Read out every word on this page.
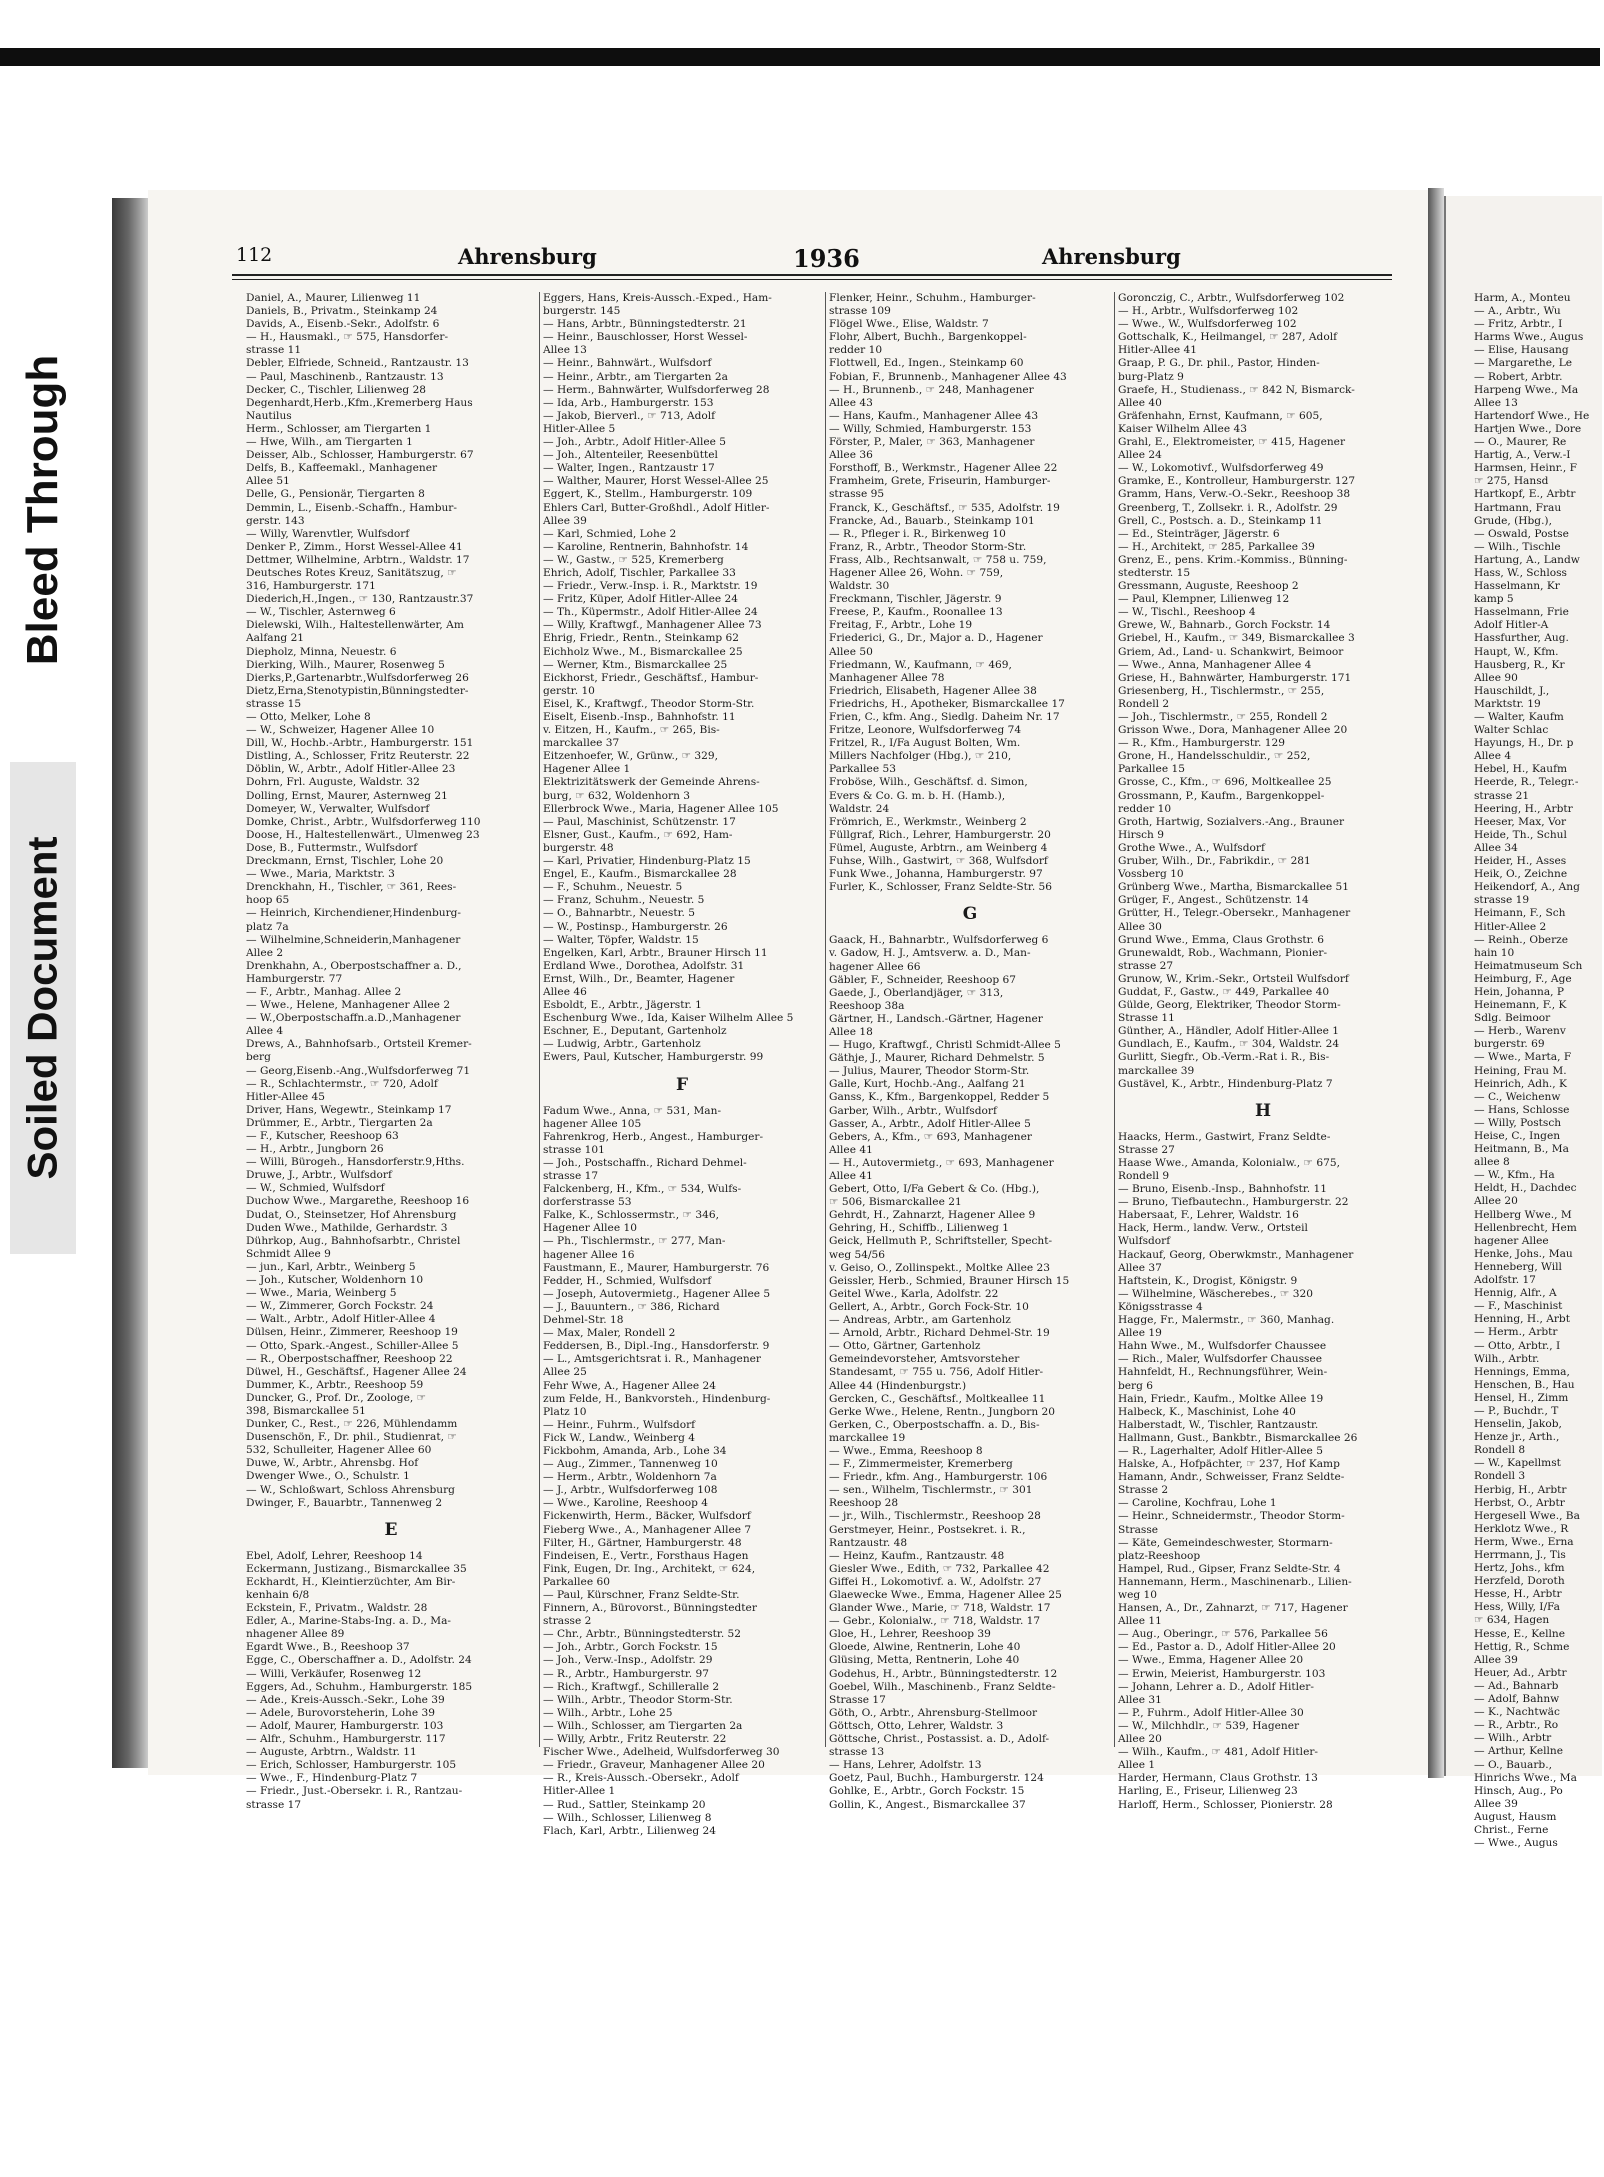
Bleed Through
Soiled Document
112	Ahrensburg	1936	Ahrensburg
Daniel, A., Maurer, Lilienweg 11
Daniels, B., Privatm., Steinkamp 24
Davids, A., Eisenb.-Sekr., Adolfstr. 6
— H., Hausmakl., ☞ 575, Hansdorfer-
strasse 11
Debler, Elfriede, Schneid., Rantzaustr. 13
— Paul, Maschinenb., Rantzaustr. 13
Decker, C., Tischler, Lilienweg 28
Degenhardt,Herb.,Kfm.,Kremerberg Haus
Nautilus
Herm., Schlosser, am Tiergarten 1
— Hwe, Wilh., am Tiergarten 1
Deisser, Alb., Schlosser, Hamburgerstr. 67
Delfs, B., Kaffeemakl., Manhagener
Allee 51
Delle, G., Pensionär, Tiergarten 8
Demmin, L., Eisenb.-Schaffn., Hambur-
gerstr. 143
— Willy, Warenvtler, Wulfsdorf
Denker P., Zimm., Horst Wessel-Allee 41
Dettmer, Wilhelmine, Arbtrn., Waldstr. 17
Deutsches Rotes Kreuz, Sanitätszug, ☞
316, Hamburgerstr. 171
Diederich,H.,Ingen., ☞ 130, Rantzaustr.37
— W., Tischler, Asternweg 6
Dielewski, Wilh., Haltestellenwärter, Am
Aalfang 21
Diepholz, Minna, Neuestr. 6
Dierking, Wilh., Maurer, Rosenweg 5
Dierks,P.,Gartenarbtr.,Wulfsdorferweg 26
Dietz,Erna,Stenotypistin,Bünningstedter-
strasse 15
— Otto, Melker, Lohe 8
— W., Schweizer, Hagener Allee 10
Dill, W., Hochb.-Arbtr., Hamburgerstr. 151
Distling, A., Schlosser, Fritz Reuterstr. 22
Döblin, W., Arbtr., Adolf Hitler-Allee 23
Dohrn, Frl. Auguste, Waldstr. 32
Dolling, Ernst, Maurer, Asternweg 21
Domeyer, W., Verwalter, Wulfsdorf
Domke, Christ., Arbtr., Wulfsdorferweg 110
Doose, H., Haltestellenwärt., Ulmenweg 23
Dose, B., Futtermstr., Wulfsdorf
Dreckmann, Ernst, Tischler, Lohe 20
— Wwe., Maria, Marktstr. 3
Drenckhahn, H., Tischler, ☞ 361, Rees-
hoop 65
— Heinrich, Kirchendiener,Hindenburg-
platz 7a
— Wilhelmine,Schneiderin,Manhagener
Allee 2
Drenkhahn, A., Oberpostschaffner a. D.,
Hamburgerstr. 77
— F., Arbtr., Manhag. Allee 2
— Wwe., Helene, Manhagener Allee 2
— W.,Oberpostschaffn.a.D.,Manhagener
Allee 4
Drews, A., Bahnhofsarb., Ortsteil Kremer-
berg
— Georg,Eisenb.-Ang.,Wulfsdorferweg 71
— R., Schlachtermstr., ☞ 720, Adolf
Hitler-Allee 45
Driver, Hans, Wegewtr., Steinkamp 17
Drümmer, E., Arbtr., Tiergarten 2a
— F., Kutscher, Reeshoop 63
— H., Arbtr., Jungborn 26
— Willi, Bürogeh., Hansdorferstr.9,Hths.
Druwe, J., Arbtr., Wulfsdorf
— W., Schmied, Wulfsdorf
Duchow Wwe., Margarethe, Reeshoop 16
Dudat, O., Steinsetzer, Hof Ahrensburg
Duden Wwe., Mathilde, Gerhardstr. 3
Dührkop, Aug., Bahnhofsarbtr., Christel
Schmidt Allee 9
— jun., Karl, Arbtr., Weinberg 5
— Joh., Kutscher, Woldenhorn 10
— Wwe., Maria, Weinberg 5
— W., Zimmerer, Gorch Fockstr. 24
— Walt., Arbtr., Adolf Hitler-Allee 4
Dülsen, Heinr., Zimmerer, Reeshoop 19
— Otto, Spark.-Angest., Schiller-Allee 5
— R., Oberpostschaffner, Reeshoop 22
Düwel, H., Geschäftsf., Hagener Allee 24
Dummer, K., Arbtr., Reeshoop 59
Duncker, G., Prof. Dr., Zoologe, ☞
398, Bismarckallee 51
Dunker, C., Rest., ☞ 226, Mühlendamm
Dusenschön, F., Dr. phil., Studienrat, ☞
532, Schulleiter, Hagener Allee 60
Duwe, W., Arbtr., Ahrensbg. Hof
Dwenger Wwe., O., Schulstr. 1
— W., Schloßwart, Schloss Ahrensburg
Dwinger, F., Bauarbtr., Tannenweg 2
E
Ebel, Adolf, Lehrer, Reeshoop 14
Eckermann, Justizang., Bismarckallee 35
Eckhardt, H., Kleintierzüchter, Am Bir-
kenhain 6/8
Eckstein, F., Privatm., Waldstr. 28
Edler, A., Marine-Stabs-Ing. a. D., Ma-
nhagener Allee 89
Egardt Wwe., B., Reeshoop 37
Egge, C., Oberschaffner a. D., Adolfstr. 24
— Willi, Verkäufer, Rosenweg 12
Eggers, Ad., Schuhm., Hamburgerstr. 185
— Ade., Kreis-Aussch.-Sekr., Lohe 39
— Adele, Burovorsteherin, Lohe 39
— Adolf, Maurer, Hamburgerstr. 103
— Alfr., Schuhm., Hamburgerstr. 117
— Auguste, Arbtrn., Waldstr. 11
— Erich, Schlosser, Hamburgerstr. 105
— Wwe., F., Hindenburg-Platz 7
— Friedr., Just.-Obersekr. i. R., Rantzau-
strasse 17
Eggers, Hans, Kreis-Aussch.-Exped., Ham-
burgerstr. 145
— Hans, Arbtr., Bünningstedterstr. 21
— Heinr., Bauschlosser, Horst Wessel-
Allee 13
— Heinr., Bahnwärt., Wulfsdorf
— Heinr., Arbtr., am Tiergarten 2a
— Herm., Bahnwärter, Wulfsdorferweg 28
— Ida, Arb., Hamburgerstr. 153
— Jakob, Bierverl., ☞ 713, Adolf
Hitler-Allee 5
— Joh., Arbtr., Adolf Hitler-Allee 5
— Joh., Altenteiler, Reesenbüttel
— Walter, Ingen., Rantzaustr 17
— Walther, Maurer, Horst Wessel-Allee 25
Eggert, K., Stellm., Hamburgerstr. 109
Ehlers Carl, Butter-Großhdl., Adolf Hitler-
Allee 39
— Karl, Schmied, Lohe 2
— Karoline, Rentnerin, Bahnhofstr. 14
— W., Gastw., ☞ 525, Kremerberg
Ehrich, Adolf, Tischler, Parkallee 33
— Friedr., Verw.-Insp. i. R., Marktstr. 19
— Fritz, Küper, Adolf Hitler-Allee 24
— Th., Küpermstr., Adolf Hitler-Allee 24
— Willy, Kraftwgf., Manhagener Allee 73
Ehrig, Friedr., Rentn., Steinkamp 62
Eichholz Wwe., M., Bismarckallee 25
— Werner, Ktm., Bismarckallee 25
Eickhorst, Friedr., Geschäftsf., Hambur-
gerstr. 10
Eisel, K., Kraftwgf., Theodor Storm-Str.
Eiselt, Eisenb.-Insp., Bahnhofstr. 11
v. Eitzen, H., Kaufm., ☞ 265, Bis-
marckallee 37
Eitzenhoefer, W., Grünw., ☞ 329,
Hagener Allee 1
Elektrizitätswerk der Gemeinde Ahrens-
burg, ☞ 632, Woldenhorn 3
Ellerbrock Wwe., Maria, Hagener Allee 105
— Paul, Maschinist, Schützenstr. 17
Elsner, Gust., Kaufm., ☞ 692, Ham-
burgerstr. 48
— Karl, Privatier, Hindenburg-Platz 15
Engel, E., Kaufm., Bismarckallee 28
— F., Schuhm., Neuestr. 5
— Franz, Schuhm., Neuestr. 5
— O., Bahnarbtr., Neuestr. 5
— W., Postinsp., Hamburgerstr. 26
— Walter, Töpfer, Waldstr. 15
Engelken, Karl, Arbtr., Brauner Hirsch 11
Erdland Wwe., Dorothea, Adolfstr. 31
Ernst, Wilh., Dr., Beamter, Hagener
Allee 46
Esboldt, E., Arbtr., Jägerstr. 1
Eschenburg Wwe., Ida, Kaiser Wilhelm Allee 5
Eschner, E., Deputant, Gartenholz
— Ludwig, Arbtr., Gartenholz
Ewers, Paul, Kutscher, Hamburgerstr. 99
F
Fadum Wwe., Anna, ☞ 531, Man-
hagener Allee 105
Fahrenkrog, Herb., Angest., Hamburger-
strasse 101
— Joh., Postschaffn., Richard Dehmel-
strasse 17
Falckenberg, H., Kfm., ☞ 534, Wulfs-
dorferstrasse 53
Falke, K., Schlossermstr., ☞ 346,
Hagener Allee 10
— Ph., Tischlermstr., ☞ 277, Man-
hagener Allee 16
Faustmann, E., Maurer, Hamburgerstr. 76
Fedder, H., Schmied, Wulfsdorf
— Joseph, Autovermietg., Hagener Allee 5
— J., Bauuntern., ☞ 386, Richard
Dehmel-Str. 18
— Max, Maler, Rondell 2
Feddersen, B., Dipl.-Ing., Hansdorferstr. 9
— L., Amtsgerichtsrat i. R., Manhagener
Allee 25
Fehr Wwe, A., Hagener Allee 24
zum Felde, H., Bankvorsteh., Hindenburg-
Platz 10
— Heinr., Fuhrm., Wulfsdorf
Fick W., Landw., Weinberg 4
Fickbohm, Amanda, Arb., Lohe 34
— Aug., Zimmer., Tannenweg 10
— Herm., Arbtr., Woldenhorn 7a
— J., Arbtr., Wulfsdorferweg 108
— Wwe., Karoline, Reeshoop 4
Fickenwirth, Herm., Bäcker, Wulfsdorf
Fieberg Wwe., A., Manhagener Allee 7
Filter, H., Gärtner, Hamburgerstr. 48
Findeisen, E., Vertr., Forsthaus Hagen
Fink, Eugen, Dr. Ing., Architekt, ☞ 624,
Parkallee 60
— Paul, Kürschner, Franz Seldte-Str.
Finnern, A., Bürovorst., Bünningstedter
strasse 2
— Chr., Arbtr., Bünningstedterstr. 52
— Joh., Arbtr., Gorch Fockstr. 15
— Joh., Verw.-Insp., Adolfstr. 29
— R., Arbtr., Hamburgerstr. 97
— Rich., Kraftwgf., Schilleralle 2
— Wilh., Arbtr., Theodor Storm-Str.
— Wilh., Arbtr., Lohe 25
— Wilh., Schlosser, am Tiergarten 2a
— Willy, Arbtr., Fritz Reuterstr. 22
Fischer Wwe., Adelheid, Wulfsdorferweg 30
— Friedr., Graveur, Manhagener Allee 20
— R., Kreis-Aussch.-Obersekr., Adolf
Hitler-Allee 1
— Rud., Sattler, Steinkamp 20
— Wilh., Schlosser, Lilienweg 8
Flach, Karl, Arbtr., Lilienweg 24
Flenker, Heinr., Schuhm., Hamburger-
strasse 109
Flögel Wwe., Elise, Waldstr. 7
Flohr, Albert, Buchh., Bargenkoppel-
redder 10
Flottwell, Ed., Ingen., Steinkamp 60
Fobian, F., Brunnenb., Manhagener Allee 43
— H., Brunnenb., ☞ 248, Manhagener
Allee 43
— Hans, Kaufm., Manhagener Allee 43
— Willy, Schmied, Hamburgerstr. 153
Förster, P., Maler, ☞ 363, Manhagener
Allee 36
Forsthoff, B., Werkmstr., Hagener Allee 22
Framheim, Grete, Friseurin, Hamburger-
strasse 95
Franck, K., Geschäftsf., ☞ 535, Adolfstr. 19
Francke, Ad., Bauarb., Steinkamp 101
— R., Pfleger i. R., Birkenweg 10
Franz, R., Arbtr., Theodor Storm-Str.
Frass, Alb., Rechtsanwalt, ☞ 758 u. 759,
Hagener Allee 26, Wohn. ☞ 759,
Waldstr. 30
Freckmann, Tischler, Jägerstr. 9
Freese, P., Kaufm., Roonallee 13
Freitag, F., Arbtr., Lohe 19
Friederici, G., Dr., Major a. D., Hagener
Allee 50
Friedmann, W., Kaufmann, ☞ 469,
Manhagener Allee 78
Friedrich, Elisabeth, Hagener Allee 38
Friedrichs, H., Apotheker, Bismarckallee 17
Frien, C., kfm. Ang., Siedlg. Daheim Nr. 17
Fritze, Leonore, Wulfsdorferweg 74
Fritzel, R., I/Fa August Bolten, Wm.
Millers Nachfolger (Hbg.), ☞ 210,
Parkallee 53
Froböse, Wilh., Geschäftsf. d. Simon,
Evers & Co. G. m. b. H. (Hamb.),
Waldstr. 24
Frömrich, E., Werkmstr., Weinberg 2
Füllgraf, Rich., Lehrer, Hamburgerstr. 20
Fümel, Auguste, Arbtrn., am Weinberg 4
Fuhse, Wilh., Gastwirt, ☞ 368, Wulfsdorf
Funk Wwe., Johanna, Hamburgerstr. 97
Furler, K., Schlosser, Franz Seldte-Str. 56
G
Gaack, H., Bahnarbtr., Wulfsdorferweg 6
v. Gadow, H. J., Amtsverw. a. D., Man-
hagener Allee 66
Gäbler, F., Schneider, Reeshoop 67
Gaede, J., Oberlandjäger, ☞ 313,
Reeshoop 38a
Gärtner, H., Landsch.-Gärtner, Hagener
Allee 18
— Hugo, Kraftwgf., Christl Schmidt-Allee 5
Gäthje, J., Maurer, Richard Dehmelstr. 5
— Julius, Maurer, Theodor Storm-Str.
Galle, Kurt, Hochb.-Ang., Aalfang 21
Ganss, K., Kfm., Bargenkoppel, Redder 5
Garber, Wilh., Arbtr., Wulfsdorf
Gasser, A., Arbtr., Adolf Hitler-Allee 5
Gebers, A., Kfm., ☞ 693, Manhagener
Allee 41
— H., Autovermietg., ☞ 693, Manhagener
Allee 41
Gebert, Otto, I/Fa Gebert & Co. (Hbg.),
☞ 506, Bismarckallee 21
Gehrdt, H., Zahnarzt, Hagener Allee 9
Gehring, H., Schiffb., Lilienweg 1
Geick, Hellmuth P., Schriftsteller, Specht-
weg 54/56
v. Geiso, O., Zollinspekt., Moltke Allee 23
Geissler, Herb., Schmied, Brauner Hirsch 15
Geitel Wwe., Karla, Adolfstr. 22
Gellert, A., Arbtr., Gorch Fock-Str. 10
— Andreas, Arbtr., am Gartenholz
— Arnold, Arbtr., Richard Dehmel-Str. 19
— Otto, Gärtner, Gartenholz
Gemeindevorsteher, Amtsvorsteher
Standesamt, ☞ 755 u. 756, Adolf Hitler-
Allee 44 (Hindenburgstr.)
Gercken, C., Geschäftsf., Moltkeallee 11
Gerke Wwe., Helene, Rentn., Jungborn 20
Gerken, C., Oberpostschaffn. a. D., Bis-
marckallee 19
— Wwe., Emma, Reeshoop 8
— F., Zimmermeister, Kremerberg
— Friedr., kfm. Ang., Hamburgerstr. 106
— sen., Wilhelm, Tischlermstr., ☞ 301
Reeshoop 28
— jr., Wilh., Tischlermstr., Reeshoop 28
Gerstmeyer, Heinr., Postsekret. i. R.,
Rantzaustr. 48
— Heinz, Kaufm., Rantzaustr. 48
Giesler Wwe., Edith, ☞ 732, Parkallee 42
Giffei H., Lokomotivf. a. W., Adolfstr. 27
Glaewecke Wwe., Emma, Hagener Allee 25
Glander Wwe., Marie, ☞ 718, Waldstr. 17
— Gebr., Kolonialw., ☞ 718, Waldstr. 17
Gloe, H., Lehrer, Reeshoop 39
Gloede, Alwine, Rentnerin, Lohe 40
Glüsing, Metta, Rentnerin, Lohe 40
Godehus, H., Arbtr., Bünningstedterstr. 12
Goebel, Wilh., Maschinenb., Franz Seldte-
Strasse 17
Göth, O., Arbtr., Ahrensburg-Stellmoor
Göttsch, Otto, Lehrer, Waldstr. 3
Göttsche, Christ., Postassist. a. D., Adolf-
strasse 13
— Hans, Lehrer, Adolfstr. 13
Goetz, Paul, Buchh., Hamburgerstr. 124
Gohlke, E., Arbtr., Gorch Fockstr. 15
Gollin, K., Angest., Bismarckallee 37
Goronczig, C., Arbtr., Wulfsdorferweg 102
— H., Arbtr., Wulfsdorferweg 102
— Wwe., W., Wulfsdorferweg 102
Gottschalk, K., Heilmangel, ☞ 287, Adolf
Hitler-Allee 41
Graap, P. G., Dr. phil., Pastor, Hinden-
burg-Platz 9
Graefe, H., Studienass., ☞ 842 N, Bismarck-
Allee 40
Gräfenhahn, Ernst, Kaufmann, ☞ 605,
Kaiser Wilhelm Allee 43
Grahl, E., Elektromeister, ☞ 415, Hagener
Allee 24
— W., Lokomotivf., Wulfsdorferweg 49
Gramke, E., Kontrolleur, Hamburgerstr. 127
Gramm, Hans, Verw.-O.-Sekr., Reeshoop 38
Greenberg, T., Zollsekr. i. R., Adolfstr. 29
Grell, C., Postsch. a. D., Steinkamp 11
— Ed., Steinträger, Jägerstr. 6
— H., Architekt, ☞ 285, Parkallee 39
Grenz, E., pens. Krim.-Kommiss., Bünning-
stedterstr. 15
Gressmann, Auguste, Reeshoop 2
— Paul, Klempner, Lilienweg 12
— W., Tischl., Reeshoop 4
Grewe, W., Bahnarb., Gorch Fockstr. 14
Griebel, H., Kaufm., ☞ 349, Bismarckallee 3
Griem, Ad., Land- u. Schankwirt, Beimoor
— Wwe., Anna, Manhagener Allee 4
Griese, H., Bahnwärter, Hamburgerstr. 171
Griesenberg, H., Tischlermstr., ☞ 255,
Rondell 2
— Joh., Tischlermstr., ☞ 255, Rondell 2
Grisson Wwe., Dora, Manhagener Allee 20
— R., Kfm., Hamburgerstr. 129
Grone, H., Handelsschuldir., ☞ 252,
Parkallee 15
Grosse, C., Kfm., ☞ 696, Moltkeallee 25
Grossmann, P., Kaufm., Bargenkoppel-
redder 10
Groth, Hartwig, Sozialvers.-Ang., Brauner
Hirsch 9
Grothe Wwe., A., Wulfsdorf
Gruber, Wilh., Dr., Fabrikdir., ☞ 281
Vossberg 10
Grünberg Wwe., Martha, Bismarckallee 51
Grüger, F., Angest., Schützenstr. 14
Grütter, H., Telegr.-Obersekr., Manhagener
Allee 30
Grund Wwe., Emma, Claus Grothstr. 6
Grunewaldt, Rob., Wachmann, Pionier-
strasse 27
Grunow, W., Krim.-Sekr., Ortsteil Wulfsdorf
Guddat, F., Gastw., ☞ 449, Parkallee 40
Gülde, Georg, Elektriker, Theodor Storm-
Strasse 11
Günther, A., Händler, Adolf Hitler-Allee 1
Gundlach, E., Kaufm., ☞ 304, Waldstr. 24
Gurlitt, Siegfr., Ob.-Verm.-Rat i. R., Bis-
marckallee 39
Gustävel, K., Arbtr., Hindenburg-Platz 7
H
Haacks, Herm., Gastwirt, Franz Seldte-
Strasse 27
Haase Wwe., Amanda, Kolonialw., ☞ 675,
Rondell 9
— Bruno, Eisenb.-Insp., Bahnhofstr. 11
— Bruno, Tiefbautechn., Hamburgerstr. 22
Habersaat, F., Lehrer, Waldstr. 16
Hack, Herm., landw. Verw., Ortsteil
Wulfsdorf
Hackauf, Georg, Oberwkmstr., Manhagener
Allee 37
Haftstein, K., Drogist, Königstr. 9
— Wilhelmine, Wäscherebes., ☞ 320
Königsstrasse 4
Hagge, Fr., Malermstr., ☞ 360, Manhag.
Allee 19
Hahn Wwe., M., Wulfsdorfer Chaussee
— Rich., Maler, Wulfsdorfer Chaussee
Hahnfeldt, H., Rechnungsführer, Wein-
berg 6
Hain, Friedr., Kaufm., Moltke Allee 19
Halbeck, K., Maschinist, Lohe 40
Halberstadt, W., Tischler, Rantzaustr.
Hallmann, Gust., Bankbtr., Bismarckallee 26
— R., Lagerhalter, Adolf Hitler-Allee 5
Halske, A., Hofpächter, ☞ 237, Hof Kamp
Hamann, Andr., Schweisser, Franz Seldte-
Strasse 2
— Caroline, Kochfrau, Lohe 1
— Heinr., Schneidermstr., Theodor Storm-
Strasse
— Käte, Gemeindeschwester, Stormarn-
platz-Reeshoop
Hampel, Rud., Gipser, Franz Seldte-Str. 4
Hannemann, Herm., Maschinenarb., Lilien-
weg 10
Hansen, A., Dr., Zahnarzt, ☞ 717, Hagener
Allee 11
— Aug., Oberingr., ☞ 576, Parkallee 56
— Ed., Pastor a. D., Adolf Hitler-Allee 20
— Wwe., Emma, Hagener Allee 20
— Erwin, Meierist, Hamburgerstr. 103
— Johann, Lehrer a. D., Adolf Hitler-
Allee 31
— P., Fuhrm., Adolf Hitler-Allee 30
— W., Milchhdlr., ☞ 539, Hagener
Allee 20
— Wilh., Kaufm., ☞ 481, Adolf Hitler-
Allee 1
Harder, Hermann, Claus Grothstr. 13
Harling, E., Friseur, Lilienweg 23
Harloff, Herm., Schlosser, Pionierstr. 28
Harm, A., Monteu
— A., Arbtr., Wu
— Fritz, Arbtr., I
Harms Wwe., Augus
— Elise, Hausang
— Margarethe, Le
— Robert, Arbtr.
Harpeng Wwe., Ma
Allee 13
Hartendorf Wwe., He
Hartjen Wwe., Dore
— O., Maurer, Re
Hartig, A., Verw.-I
Harmsen, Heinr., F
☞ 275, Hansd
Hartkopf, E., Arbtr
Hartmann, Frau
Grude, (Hbg.),
— Oswald, Postse
— Wilh., Tischle
Hartung, A., Landw
Hass, W., Schloss
Hasselmann, Kr
kamp 5
Hasselmann, Frie
Adolf Hitler-A
Hassfurther, Aug.
Haupt, W., Kfm.
Hausberg, R., Kr
Allee 90
Hauschildt, J.,
Marktstr. 19
— Walter, Kaufm
Walter Schlac
Hayungs, H., Dr. p
Allee 4
Hebel, H., Kaufm
Heerde, R., Telegr.-
strasse 21
Heering, H., Arbtr
Heeser, Max, Vor
Heide, Th., Schul
Allee 34
Heider, H., Asses
Heik, O., Zeichne
Heikendorf, A., Ang
strasse 19
Heimann, F., Sch
Hitler-Allee 2
— Reinh., Oberze
hain 10
Heimatmuseum Sch
Heimburg, F., Age
Hein, Johanna, P
Heinemann, F., K
Sdlg. Beimoor
— Herb., Warenv
burgerstr. 69
— Wwe., Marta, F
Heining, Frau M.
Heinrich, Adh., K
— C., Weichenw
— Hans, Schlosse
— Willy, Postsch
Heise, C., Ingen
Heitmann, B., Ma
allee 8
— W., Kfm., Ha
Heldt, H., Dachdec
Allee 20
Hellberg Wwe., M
Hellenbrecht, Hem
hagener Allee
Henke, Johs., Mau
Henneberg, Will
Adolfstr. 17
Hennig, Alfr., A
— F., Maschinist
Henning, H., Arbt
— Herm., Arbtr
— Otto, Arbtr., I
Wilh., Arbtr.
Hennings, Emma,
Henschen, B., Hau
Hensel, H., Zimm
— P., Buchdr., T
Henselin, Jakob,
Henze jr., Arth.,
Rondell 8
— W., Kapellmst
Rondell 3
Herbig, H., Arbtr
Herbst, O., Arbtr
Hergesell Wwe., Ba
Herklotz Wwe., R
Herm, Wwe., Erna
Herrmann, J., Tis
Hertz, Johs., kfm
Herzfeld, Doroth
Hesse, H., Arbtr
Hess, Willy, I/Fa
☞ 634, Hagen
Hesse, E., Kellne
Hettig, R., Schme
Allee 39
Heuer, Ad., Arbtr
— Ad., Bahnarb
— Adolf, Bahnw
— K., Nachtwäc
— R., Arbtr., Ro
— Wilh., Arbtr
— Arthur, Kellne
— O., Bauarb.,
Hinrichs Wwe., Ma
Hinsch, Aug., Po
Allee 39
August, Hausm
Christ., Ferne
— Wwe., Augus
